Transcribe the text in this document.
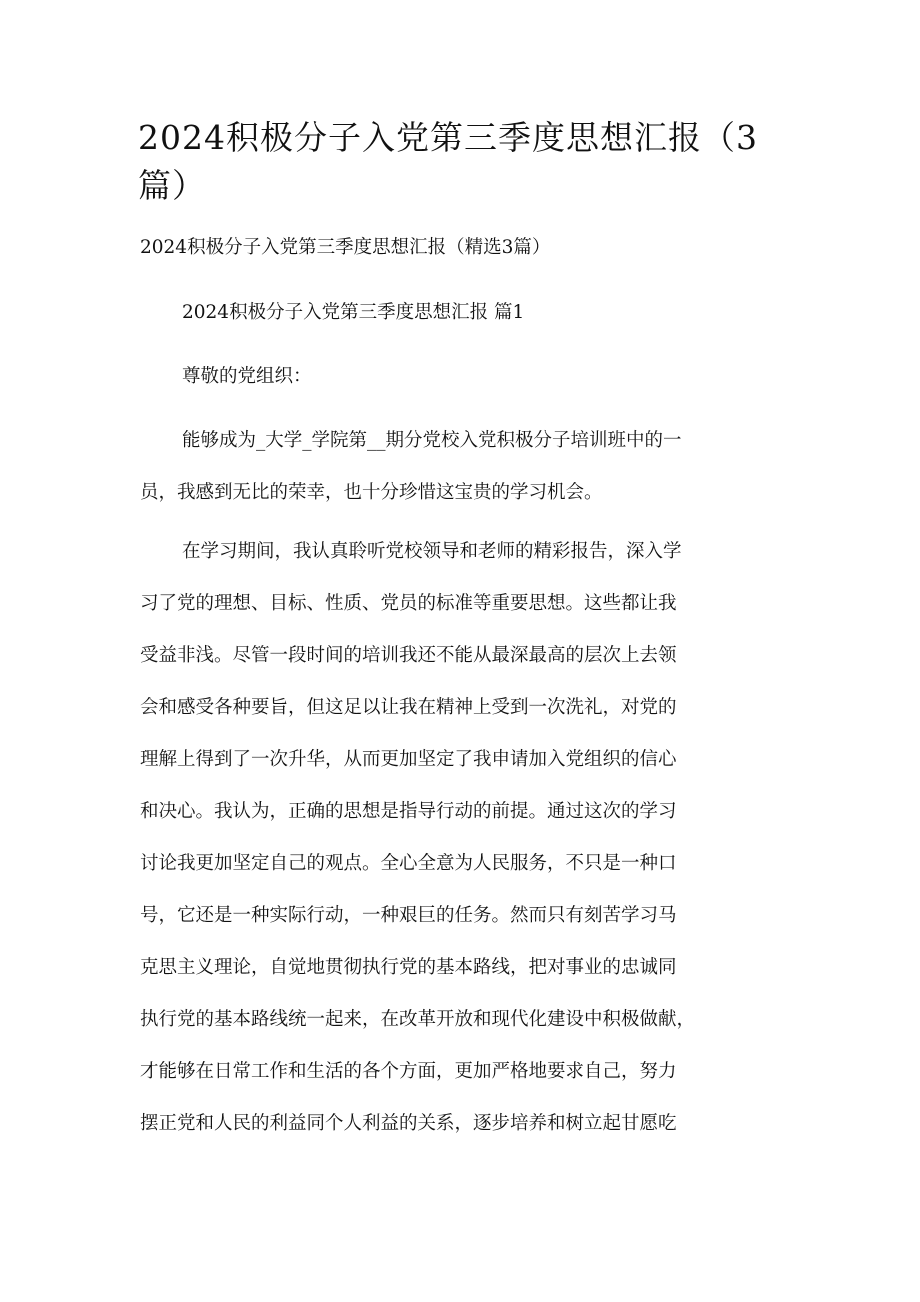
2024积极分子入党第三季度思想汇报（3篇）

2024积极分子入党第三季度思想汇报（精选3篇）

2024积极分子入党第三季度思想汇报 篇1

尊敬的党组织：

能够成为_大学_学院第__期分党校入党积极分子培训班中的一
员，我感到无比的荣幸，也十分珍惜这宝贵的学习机会。
在学习期间，我认真聆听党校领导和老师的精彩报告，深入学
习了党的理想、目标、性质、党员的标准等重要思想。这些都让我
受益非浅。尽管一段时间的培训我还不能从最深最高的层次上去领
会和感受各种要旨，但这足以让我在精神上受到一次洗礼，对党的
理解上得到了一次升华，从而更加坚定了我申请加入党组织的信心
和决心。我认为，正确的思想是指导行动的前提。通过这次的学习
讨论我更加坚定自己的观点。全心全意为人民服务，不只是一种口
号，它还是一种实际行动，一种艰巨的任务。然而只有刻苦学习马
克思主义理论，自觉地贯彻执行党的基本路线，把对事业的忠诚同
执行党的基本路线统一起来，在改革开放和现代化建设中积极做献，
才能够在日常工作和生活的各个方面，更加严格地要求自己，努力
摆正党和人民的利益同个人利益的关系，逐步培养和树立起甘愿吃
